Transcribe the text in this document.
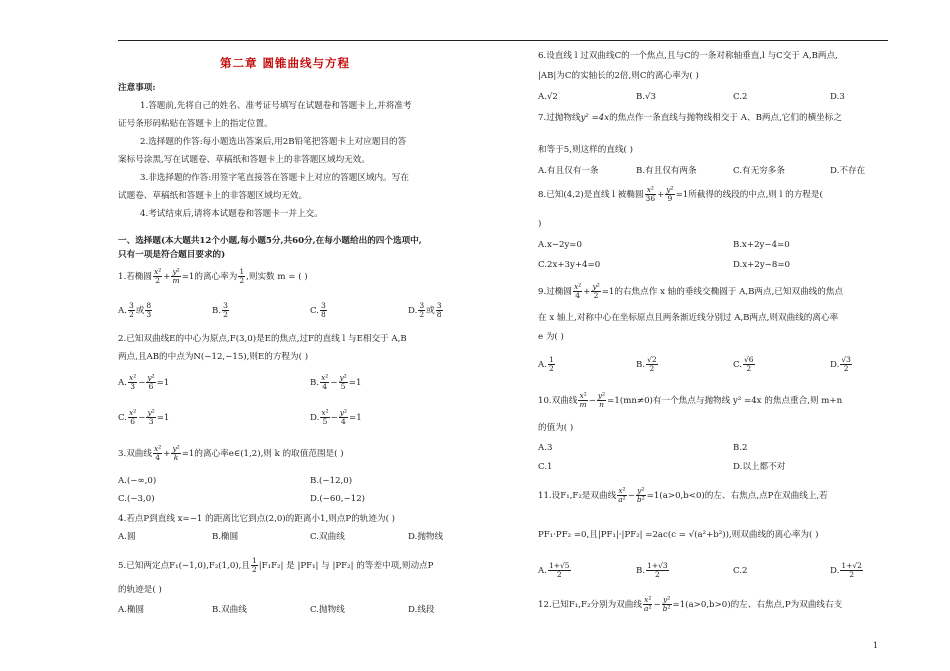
第二章 圆锥曲线与方程
注意事项:
1.答题前,先将自己的姓名、准考证号填写在试题卷和答题卡上,并将准考
证号条形码粘贴在答题卡上的指定位置。
2.选择题的作答:每小题选出答案后,用2B铅笔把答题卡上对应题目的答
案标号涂黑,写在试题卷、草稿纸和答题卡上的非答题区域均无效。
3.非选择题的作答:用签字笔直接答在答题卡上对应的答题区域内。写在
试题卷、草稿纸和答题卡上的非答题区域均无效。
4.考试结束后,请将本试题卷和答题卡一并上交。
一、选择题(本大题共12个小题,每小题5分,共60分,在每小题给出的四个选项中,
只有一项是符合题目要求的)
1.若椭圆 $\frac{\text{x²}}{2} + \frac{\text{y²}}{m} =1$的离心率为 $\frac{1}{2}$ ,则实数 m = ( )
A. $\frac{3}{2}$ 或 $\frac{8}{3}$	B. $\frac{3}{2}$	C. $\frac{3}{8}$	D. $\frac{3}{2}$ 或 $\frac{3}{8}$
2.已知双曲线E的中心为原点,F(3,0)是E的焦点,过F的直线 l 与E相交于 A,B
两点,且AB的中点为N(−12,−15),则E的方程为( )
A. $\frac{\text{x²}}{3} - \frac{\text{y²}}{6} =1$	B. $\frac{\text{x²}}{4} - \frac{\text{y²}}{5} =1$
C. $\frac{\text{x²}}{6} - \frac{\text{y²}}{3} =1$	D. $\frac{\text{x²}}{5} - \frac{\text{y²}}{4} =1$
3.双曲线 $\frac{\text{x²}}{4} + \frac{\text{y²}}{k} =1$的离心率e∈(1,2),则 k 的取值范围是( )
A.(−∞,0)	B.(−12,0)
C.(−3,0)	D.(−60,−12)
4.若点P到直线 x=−1 的距离比它到点(2,0)的距离小1,则点P的轨迹为( )
A.圆	B.椭圆	C.双曲线	D.抛物线
5.已知两定点F₁(−1,0),F₂(1,0),且 $\frac{1}{2} |F_1F_2|$ 是 |PF₁| 与 |PF₂| 的等差中项,则动点P
的轨迹是( )
A.椭圆	B.双曲线	C.抛物线	D.线段
6.设直线 l 过双曲线C的一个焦点,且与C的一条对称轴垂直,l 与C交于 A,B两点,
|AB|为C的实轴长的2倍,则C的离心率为( )
A.√2	B.√3	C.2	D.3
7.过抛物线y² =4x的焦点作一条直线与抛物线相交于 A、B两点,它们的横坐标之
和等于5,则这样的直线( )
A.有且仅有一条	B.有且仅有两条	C.有无穷多条	D.不存在
8.已知(4,2)是直线 l 被椭圆 $\frac{\text{x²}}{36} + \frac{\text{y²}}{9} =1$所截得的线段的中点,则 l 的方程是(
)
A.x−2y=0	B.x+2y−4=0
C.2x+3y+4=0	D.x+2y−8=0
9.过椭圆 $\frac{\text{x²}}{4} + \frac{\text{y²}}{2} =1$的右焦点作 x 轴的垂线交椭圆于 A,B两点,已知双曲线的焦点
在 x 轴上,对称中心在坐标原点且两条渐近线分别过 A,B两点,则双曲线的离心率
e 为( )
A. $\frac{1}{2}$	B. $\frac{√2}{2}$	C. $\frac{√6}{2}$	D. $\frac{√3}{2}$
10.双曲线 $\frac{\text{x²}}{m} - \frac{\text{y²}}{n} =1(mn\ne 0)$有一个焦点与抛物线 y² =4x 的焦点重合,则 m+n
的值为( )
A.3	B.2
C.1	D.以上都不对
11.设F₁,F₂是双曲线 $\frac{\text{x²}}{\text{a²}} - \frac{\text{y²}}{\text{b²}} =1(a>0,b<0)$的左、右焦点,点P在双曲线上,若
PF₁·PF₂ =0,且|PF₁|·|PF₂| =2ac(c = √(a²+b²)),则双曲线的离心率为( )
A. $\frac{1+√5}{2}$	B. $\frac{1+√3}{2}$	C.2	D. $\frac{1+√2}{2}$
12.已知F₁,F₂分别为双曲线 $\frac{\text{x²}}{\text{a²}} - \frac{\text{y²}}{\text{b²}} =1(a>0,b>0)$的左、右焦点,P为双曲线右支
1
